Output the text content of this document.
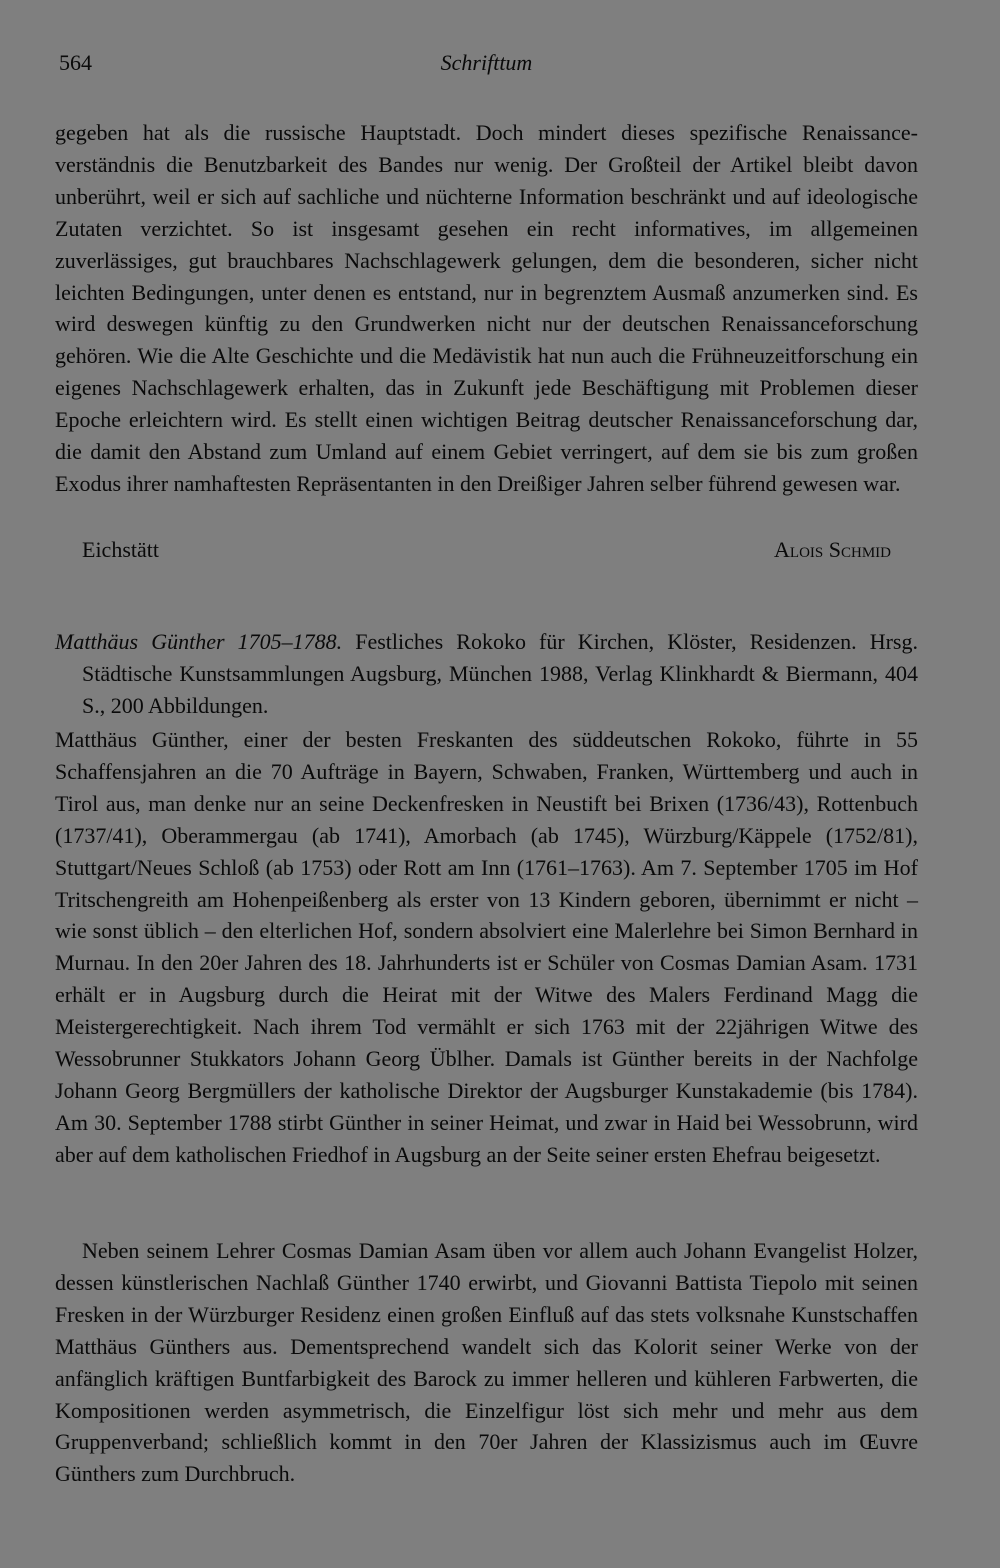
564	Schrifttum

gegeben hat als die russische Hauptstadt. Doch mindert dieses spezifische Renaissanceverständnis die Benutzbarkeit des Bandes nur wenig. Der Großteil der Artikel bleibt davon unberührt, weil er sich auf sachliche und nüchterne Information beschränkt und auf ideologische Zutaten verzichtet. So ist insgesamt gesehen ein recht informatives, im allgemeinen zuverlässiges, gut brauchbares Nachschlagewerk gelungen, dem die besonderen, sicher nicht leichten Bedingungen, unter denen es entstand, nur in begrenztem Ausmaß anzumerken sind. Es wird deswegen künftig zu den Grundwerken nicht nur der deutschen Renaissanceforschung gehören. Wie die Alte Geschichte und die Medävistik hat nun auch die Frühneuzeitforschung ein eigenes Nachschlagewerk erhalten, das in Zukunft jede Beschäftigung mit Problemen dieser Epoche erleichtern wird. Es stellt einen wichtigen Beitrag deutscher Renaissanceforschung dar, die damit den Abstand zum Umland auf einem Gebiet verringert, auf dem sie bis zum großen Exodus ihrer namhaftesten Repräsentanten in den Dreißiger Jahren selber führend gewesen war.

Eichstätt	Alois Schmid

Matthäus Günther 1705–1788. Festliches Rokoko für Kirchen, Klöster, Residenzen. Hrsg. Städtische Kunstsammlungen Augsburg, München 1988, Verlag Klinkhardt & Biermann, 404 S., 200 Abbildungen.

Matthäus Günther, einer der besten Freskanten des süddeutschen Rokoko, führte in 55 Schaffensjahren an die 70 Aufträge in Bayern, Schwaben, Franken, Württemberg und auch in Tirol aus, man denke nur an seine Deckenfresken in Neustift bei Brixen (1736/43), Rottenbuch (1737/41), Oberammergau (ab 1741), Amorbach (ab 1745), Würzburg/Käppele (1752/81), Stuttgart/Neues Schloß (ab 1753) oder Rott am Inn (1761–1763). Am 7. September 1705 im Hof Tritschengreith am Hohenpeißenberg als erster von 13 Kindern geboren, übernimmt er nicht – wie sonst üblich – den elterlichen Hof, sondern absolviert eine Malerlehre bei Simon Bernhard in Murnau. In den 20er Jahren des 18. Jahrhunderts ist er Schüler von Cosmas Damian Asam. 1731 erhält er in Augsburg durch die Heirat mit der Witwe des Malers Ferdinand Magg die Meistergerechtigkeit. Nach ihrem Tod vermählt er sich 1763 mit der 22jährigen Witwe des Wessobrunner Stukkators Johann Georg Üblher. Damals ist Günther bereits in der Nachfolge Johann Georg Bergmüllers der katholische Direktor der Augsburger Kunstakademie (bis 1784). Am 30. September 1788 stirbt Günther in seiner Heimat, und zwar in Haid bei Wessobrunn, wird aber auf dem katholischen Friedhof in Augsburg an der Seite seiner ersten Ehefrau beigesetzt.

Neben seinem Lehrer Cosmas Damian Asam üben vor allem auch Johann Evangelist Holzer, dessen künstlerischen Nachlaß Günther 1740 erwirbt, und Giovanni Battista Tiepolo mit seinen Fresken in der Würzburger Residenz einen großen Einfluß auf das stets volksnahe Kunstschaffen Matthäus Günthers aus. Dementsprechend wandelt sich das Kolorit seiner Werke von der anfänglich kräftigen Buntfarbigkeit des Barock zu immer helleren und kühleren Farbwerten, die Kompositionen werden asymmetrisch, die Einzelfigur löst sich mehr und mehr aus dem Gruppenverband; schließlich kommt in den 70er Jahren der Klassizismus auch im Œuvre Günthers zum Durchbruch.
